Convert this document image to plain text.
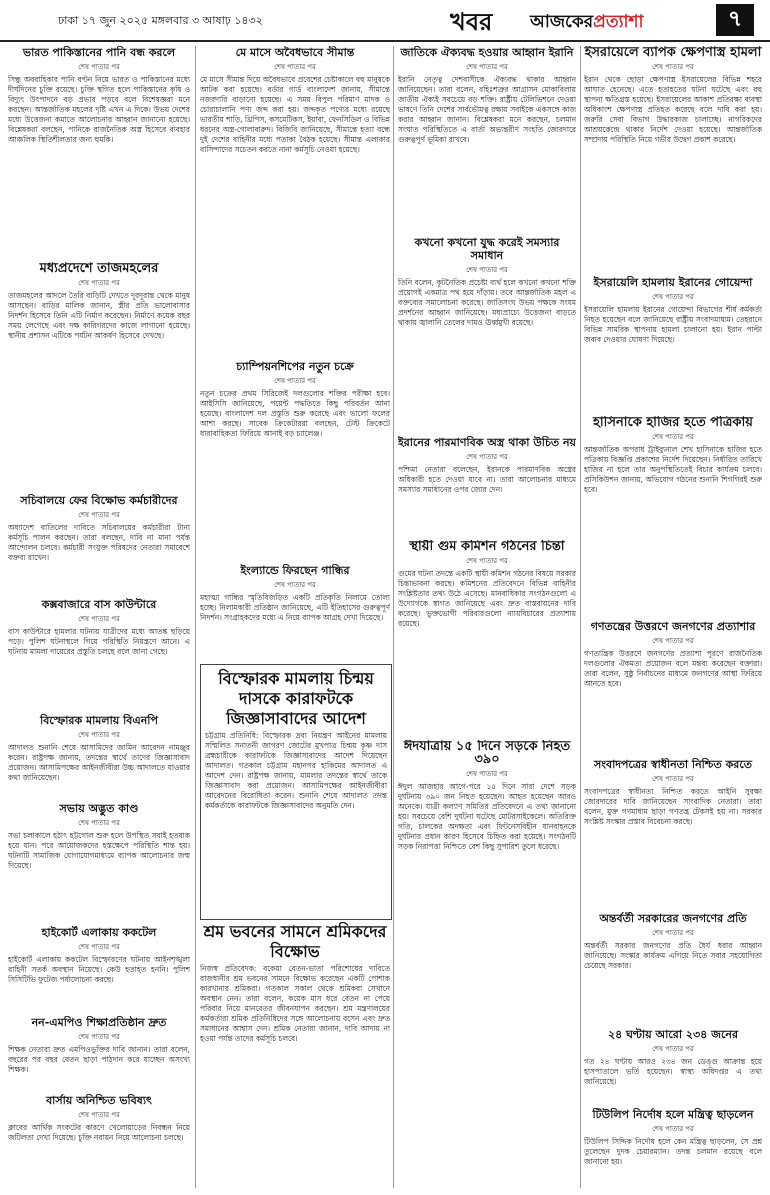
ঢাকা ১৭ জুন ২০২৫ মঙ্গলবার ৩ আষাঢ় ১৪৩২	খবর আজকেরপ্রত্যাশা	৭

ভারত পাকিস্তানের পানি বন্ধ করলে

শেষ পাতার পর

সিন্ধু অববাহিকার পানি বণ্টন নিয়ে ভারত ও পাকিস্তানের মধ্যে দীর্ঘদিনের চুক্তি রয়েছে। চুক্তি স্থগিত হলে পাকিস্তানের কৃষি ও বিদ্যুৎ উৎপাদনে বড় প্রভাব পড়বে বলে বিশেষজ্ঞরা মনে করছেন। আন্তর্জাতিক মহলের দৃষ্টি এখন এ দিকে। উভয় দেশের মধ্যে উত্তেজনা কমাতে আলোচনার আহ্বান জানানো হয়েছে। বিশ্লেষকরা বলছেন, পানিকে রাজনৈতিক অস্ত্র হিসেবে ব্যবহার আঞ্চলিক স্থিতিশীলতার জন্য হুমকি।

মধ্যপ্রদেশে তাজমহলের

শেষ পাতার পর

তাজমহলের আদলে তৈরি বাড়িটি দেখতে দূরদূরান্ত থেকে মানুষ আসছেন। বাড়ির মালিক জানান, স্ত্রীর প্রতি ভালোবাসার নিদর্শন হিসেবে তিনি এটি নির্মাণ করেছেন। নির্মাণে কয়েক বছর সময় লেগেছে এবং দক্ষ কারিগরদের কাজে লাগানো হয়েছে। স্থানীয় প্রশাসন এটিকে পর্যটন আকর্ষণ হিসেবে দেখছে।

সচিবালয়ে ফের বিক্ষোভ কর্মচারীদের

শেষ পাতার পর

অধ্যাদেশ বাতিলের দাবিতে সচিবালয়ের কর্মচারীরা টানা কর্মসূচি পালন করছেন। তারা বলছেন, দাবি না মানা পর্যন্ত আন্দোলন চলবে। কর্মচারী সংযুক্ত পরিষদের নেতারা সমাবেশে বক্তব্য রাখেন।

কক্সবাজারে বাস কাউন্টারে

শেষ পাতার পর

বাস কাউন্টারে হামলার ঘটনায় যাত্রীদের মধ্যে আতঙ্ক ছড়িয়ে পড়ে। পুলিশ ঘটনাস্থলে গিয়ে পরিস্থিতি নিয়ন্ত্রণে আনে। এ ঘটনায় মামলা দায়েরের প্রস্তুতি চলছে বলে জানা গেছে।

বিস্ফোরক মামলায় বিএনপি

শেষ পাতার পর

আদালত শুনানি শেষে আসামিদের জামিন আবেদন নামঞ্জুর করেন। রাষ্ট্রপক্ষ জানায়, তদন্তের স্বার্থে তাদের জিজ্ঞাসাবাদ প্রয়োজন। আসামিপক্ষের আইনজীবীরা উচ্চ আদালতে যাওয়ার কথা জানিয়েছেন।

সভায় অদ্ভুত কাণ্ড

শেষ পাতার পর

সভা চলাকালে হঠাৎ হট্টগোল শুরু হলে উপস্থিত সবাই হতবাক হয়ে যান। পরে আয়োজকদের হস্তক্ষেপে পরিস্থিতি শান্ত হয়। ঘটনাটি সামাজিক যোগাযোগমাধ্যমে ব্যাপক আলোচনার জন্ম দিয়েছে।

হাইকোর্ট এলাকায় ককটেল

শেষ পাতার পর

হাইকোর্ট এলাকায় ককটেল বিস্ফোরণের ঘটনায় আইনশৃঙ্খলা বাহিনী সতর্ক অবস্থান নিয়েছে। কেউ হতাহত হননি। পুলিশ সিসিটিভি ফুটেজ পর্যালোচনা করছে।

নন-এমপিও শিক্ষাপ্রতিষ্ঠান দ্রুত

শেষ পাতার পর

শিক্ষক নেতারা দ্রুত এমপিওভুক্তির দাবি জানান। তারা বলেন, বছরের পর বছর বেতন ছাড়া পাঠদান করে যাচ্ছেন অসংখ্য শিক্ষক।

বার্সায় অনিশ্চিত ভবিষ্যৎ

শেষ পাতার পর

ক্লাবের আর্থিক সংকটের কারণে খেলোয়াড়ের নিবন্ধন নিয়ে জটিলতা দেখা দিয়েছে। চুক্তি নবায়ন নিয়ে আলোচনা চলছে।

মে মাসে অবৈধভাবে সীমান্ত

শেষ পাতার পর

মে মাসে সীমান্ত দিয়ে অবৈধভাবে প্রবেশের চেষ্টাকালে বহু মানুষকে আটক করা হয়েছে। বর্ডার গার্ড বাংলাদেশ জানায়, সীমান্তে নজরদারি বাড়ানো হয়েছে। এ সময় বিপুল পরিমাণ মাদক ও চোরাচালানি পণ্য জব্দ করা হয়। জব্দকৃত পণ্যের মধ্যে রয়েছে ভারতীয় শাড়ি, থ্রিপিস, কসমেটিকস, ইয়াবা, ফেনসিডিল ও বিভিন্ন ধরনের অস্ত্র-গোলাবারুদ। বিজিবি জানিয়েছে, সীমান্তে হত্যা বন্ধে দুই দেশের বাহিনীর মধ্যে পতাকা বৈঠক হয়েছে। সীমান্ত এলাকার বাসিন্দাদের সচেতন করতে নানা কর্মসূচি নেওয়া হয়েছে।

চ্যাম্পিয়নশিপের নতুন চক্রে

শেষ পাতার পর

নতুন চক্রের প্রথম সিরিজেই দলগুলোর শক্তির পরীক্ষা হবে। আইসিসি জানিয়েছে, পয়েন্ট পদ্ধতিতে কিছু পরিবর্তন আনা হয়েছে। বাংলাদেশ দল প্রস্তুতি শুরু করেছে এবং ভালো ফলের আশা করছে। সাবেক ক্রিকেটাররা বলছেন, টেস্ট ক্রিকেটে ধারাবাহিকতা ফিরিয়ে আনাই বড় চ্যালেঞ্জ।

ইংল্যান্ডে ফিরছেন গান্ধির

শেষ পাতার পর

মহাত্মা গান্ধির স্মৃতিবিজড়িত একটি প্রতিকৃতি নিলামে তোলা হচ্ছে। নিলামকারী প্রতিষ্ঠান জানিয়েছে, এটি ইতিহাসের গুরুত্বপূর্ণ নিদর্শন। সংগ্রাহকদের মধ্যে এ নিয়ে ব্যাপক আগ্রহ দেখা দিয়েছে।

বিস্ফোরক মামলায় চিন্ময় দাসকে কারাফটকে জিজ্ঞাসাবাদের আদেশ

চট্টগ্রাম প্রতিনিধি: বিস্ফোরক দ্রব্য নিয়ন্ত্রণ আইনের মামলায় সম্মিলিত সনাতনী জাগরণ জোটের মুখপাত্র চিন্ময় কৃষ্ণ দাস ব্রহ্মচারীকে কারাফটকে জিজ্ঞাসাবাদের আদেশ দিয়েছেন আদালত। গতকাল চট্টগ্রাম মহানগর হাকিমের আদালত এ আদেশ দেন। রাষ্ট্রপক্ষ জানায়, মামলার তদন্তের স্বার্থে তাকে জিজ্ঞাসাবাদ করা প্রয়োজন। আসামিপক্ষের আইনজীবীরা আবেদনের বিরোধিতা করেন। শুনানি শেষে আদালত তদন্ত কর্মকর্তাকে কারাফটকে জিজ্ঞাসাবাদের অনুমতি দেন।

শ্রম ভবনের সামনে শ্রমিকদের বিক্ষোভ

নিজস্ব প্রতিবেদক: বকেয়া বেতন-ভাতা পরিশোধের দাবিতে রাজধানীর শ্রম ভবনের সামনে বিক্ষোভ করেছেন একটি পোশাক কারখানার শ্রমিকরা। গতকাল সকাল থেকে শ্রমিকরা সেখানে অবস্থান নেন। তারা বলেন, কয়েক মাস ধরে বেতন না পেয়ে পরিবার নিয়ে মানবেতর জীবনযাপন করছেন। শ্রম মন্ত্রণালয়ের কর্মকর্তারা শ্রমিক প্রতিনিধিদের সঙ্গে আলোচনায় বসেন এবং দ্রুত সমাধানের আশ্বাস দেন। শ্রমিক নেতারা জানান, দাবি আদায় না হওয়া পর্যন্ত তাদের কর্মসূচি চলবে।

জাতিকে ঐক্যবদ্ধ হওয়ার আহ্বান ইরানি

শেষ পাতার পর

ইরানি নেতৃত্ব দেশবাসীকে ঐক্যবদ্ধ থাকার আহ্বান জানিয়েছেন। তারা বলেন, বহিঃশত্রুর আগ্রাসন মোকাবিলায় জাতীয় ঐক্যই সবচেয়ে বড় শক্তি। রাষ্ট্রীয় টেলিভিশনে দেওয়া ভাষণে তিনি দেশের সার্বভৌমত্ব রক্ষায় সবাইকে একসঙ্গে কাজ করার আহ্বান জানান। বিশ্লেষকরা মনে করছেন, চলমান সংঘাত পরিস্থিতিতে এ বার্তা অভ্যন্তরীণ সংহতি জোরদারে গুরুত্বপূর্ণ ভূমিকা রাখবে।

কখনো কখনো যুদ্ধ করেই সমস্যার সমাধান

শেষ পাতার পর

তিনি বলেন, কূটনৈতিক প্রচেষ্টা ব্যর্থ হলে কখনো কখনো শক্তি প্রয়োগই একমাত্র পথ হয়ে দাঁড়ায়। তবে আন্তর্জাতিক মহল এ বক্তব্যের সমালোচনা করেছে। জাতিসংঘ উভয় পক্ষকে সংযম প্রদর্শনের আহ্বান জানিয়েছে। মধ্যপ্রাচ্যে উত্তেজনা বাড়তে থাকায় জ্বালানি তেলের দামও ঊর্ধ্বমুখী রয়েছে।

ইরানের পারমাণবিক অস্ত্র থাকা উচিত নয়

শেষ পাতার পর

পশ্চিমা নেতারা বলেছেন, ইরানকে পারমাণবিক অস্ত্রের অধিকারী হতে দেওয়া যাবে না। তারা আলোচনার মাধ্যমে সমস্যার সমাধানের ওপর জোর দেন।

স্থায়ী গুম কমিশন গঠনের চিন্তা

শেষ পাতার পর

গুমের ঘটনা তদন্তে একটি স্থায়ী কমিশন গঠনের বিষয়ে সরকার চিন্তাভাবনা করছে। কমিশনের প্রতিবেদনে বিভিন্ন বাহিনীর সংশ্লিষ্টতার তথ্য উঠে এসেছে। মানবাধিকার সংগঠনগুলো এ উদ্যোগকে স্বাগত জানিয়েছে এবং দ্রুত বাস্তবায়নের দাবি করেছে। ভুক্তভোগী পরিবারগুলো ন্যায়বিচারের প্রত্যাশায় রয়েছে।

ঈদযাত্রায় ১৫ দিনে সড়কে নিহত ৩৯০

শেষ পাতার পর

ঈদুল আজহার আগে-পরে ১৫ দিনে সারা দেশে সড়ক দুর্ঘটনায় ৩৯০ জন নিহত হয়েছেন। আহত হয়েছেন আরও অনেকে। যাত্রী কল্যাণ সমিতির প্রতিবেদনে এ তথ্য জানানো হয়। সবচেয়ে বেশি দুর্ঘটনা ঘটেছে মোটরসাইকেলে। অতিরিক্ত গতি, চালকের অদক্ষতা এবং ফিটনেসবিহীন যানবাহনকে দুর্ঘটনার প্রধান কারণ হিসেবে চিহ্নিত করা হয়েছে। সংগঠনটি সড়ক নিরাপত্তা নিশ্চিতে বেশ কিছু সুপারিশ তুলে ধরেছে।

ইসরায়েলে ব্যাপক ক্ষেপণাস্ত্র হামলা

শেষ পাতার পর

ইরান থেকে ছোড়া ক্ষেপণাস্ত্র ইসরায়েলের বিভিন্ন শহরে আঘাত হেনেছে। এতে হতাহতের ঘটনা ঘটেছে এবং বহু স্থাপনা ক্ষতিগ্রস্ত হয়েছে। ইসরায়েলের আকাশ প্রতিরক্ষা ব্যবস্থা অধিকাংশ ক্ষেপণাস্ত্র প্রতিহত করেছে বলে দাবি করা হয়। জরুরি সেবা বিভাগ উদ্ধারকাজ চালাচ্ছে। নাগরিকদের আশ্রয়কেন্দ্রে থাকার নির্দেশ দেওয়া হয়েছে। আন্তর্জাতিক সম্প্রদায় পরিস্থিতি নিয়ে গভীর উদ্বেগ প্রকাশ করেছে।

ইসরায়েলি হামলায় ইরানের গোয়েন্দা

শেষ পাতার পর

ইসরায়েলি হামলায় ইরানের গোয়েন্দা বিভাগের শীর্ষ কর্মকর্তা নিহত হয়েছেন বলে জানিয়েছে রাষ্ট্রীয় সংবাদমাধ্যম। তেহরানে বিভিন্ন সামরিক স্থাপনায় হামলা চালানো হয়। ইরান পাল্টা জবাব দেওয়ার ঘোষণা দিয়েছে।

হাসিনাকে হাজির হতে পত্রিকায়

শেষ পাতার পর

আন্তর্জাতিক অপরাধ ট্রাইব্যুনাল শেখ হাসিনাকে হাজির হতে পত্রিকায় বিজ্ঞপ্তি প্রকাশের নির্দেশ দিয়েছেন। নির্ধারিত তারিখে হাজির না হলে তার অনুপস্থিতিতেই বিচার কার্যক্রম চলবে। প্রসিকিউশন জানায়, অভিযোগ গঠনের শুনানি শিগগিরই শুরু হবে।

গণতন্ত্রের উত্তরণে জনগণের প্রত্যাশার

শেষ পাতার পর

গণতান্ত্রিক উত্তরণে জনগণের প্রত্যাশা পূরণে রাজনৈতিক দলগুলোর ঐকমত্য প্রয়োজন বলে মন্তব্য করেছেন বক্তারা। তারা বলেন, সুষ্ঠু নির্বাচনের মাধ্যমে জনগণের আস্থা ফিরিয়ে আনতে হবে।

সংবাদপত্রের স্বাধীনতা নিশ্চিত করতে

শেষ পাতার পর

সংবাদপত্রের স্বাধীনতা নিশ্চিত করতে আইনি সুরক্ষা জোরদারের দাবি জানিয়েছেন সাংবাদিক নেতারা। তারা বলেন, মুক্ত গণমাধ্যম ছাড়া গণতন্ত্র টেকসই হয় না। সরকার সংশ্লিষ্ট সংস্কার প্রস্তাব বিবেচনা করছে।

অন্তর্বর্তী সরকারের জনগণের প্রতি

শেষ পাতার পর

অন্তর্বর্তী সরকার জনগণের প্রতি ধৈর্য ধরার আহ্বান জানিয়েছে। সংস্কার কার্যক্রম এগিয়ে নিতে সবার সহযোগিতা চেয়েছে সরকার।

২৪ ঘণ্টায় আরো ২৩৪ জনের

শেষ পাতার পর

গত ২৪ ঘণ্টায় আরও ২৩৪ জন ডেঙ্গু আক্রান্ত হয়ে হাসপাতালে ভর্তি হয়েছেন। স্বাস্থ্য অধিদপ্তর এ তথ্য জানিয়েছে।

টিউলিপ নির্দোষ হলে মন্ত্রিত্ব ছাড়লেন

শেষ পাতার পর

টিউলিপ সিদ্দিক নির্দোষ হলে কেন মন্ত্রিত্ব ছাড়লেন, সে প্রশ্ন তুলেছেন দুদক চেয়ারম্যান। তদন্ত চলমান রয়েছে বলে জানানো হয়।
